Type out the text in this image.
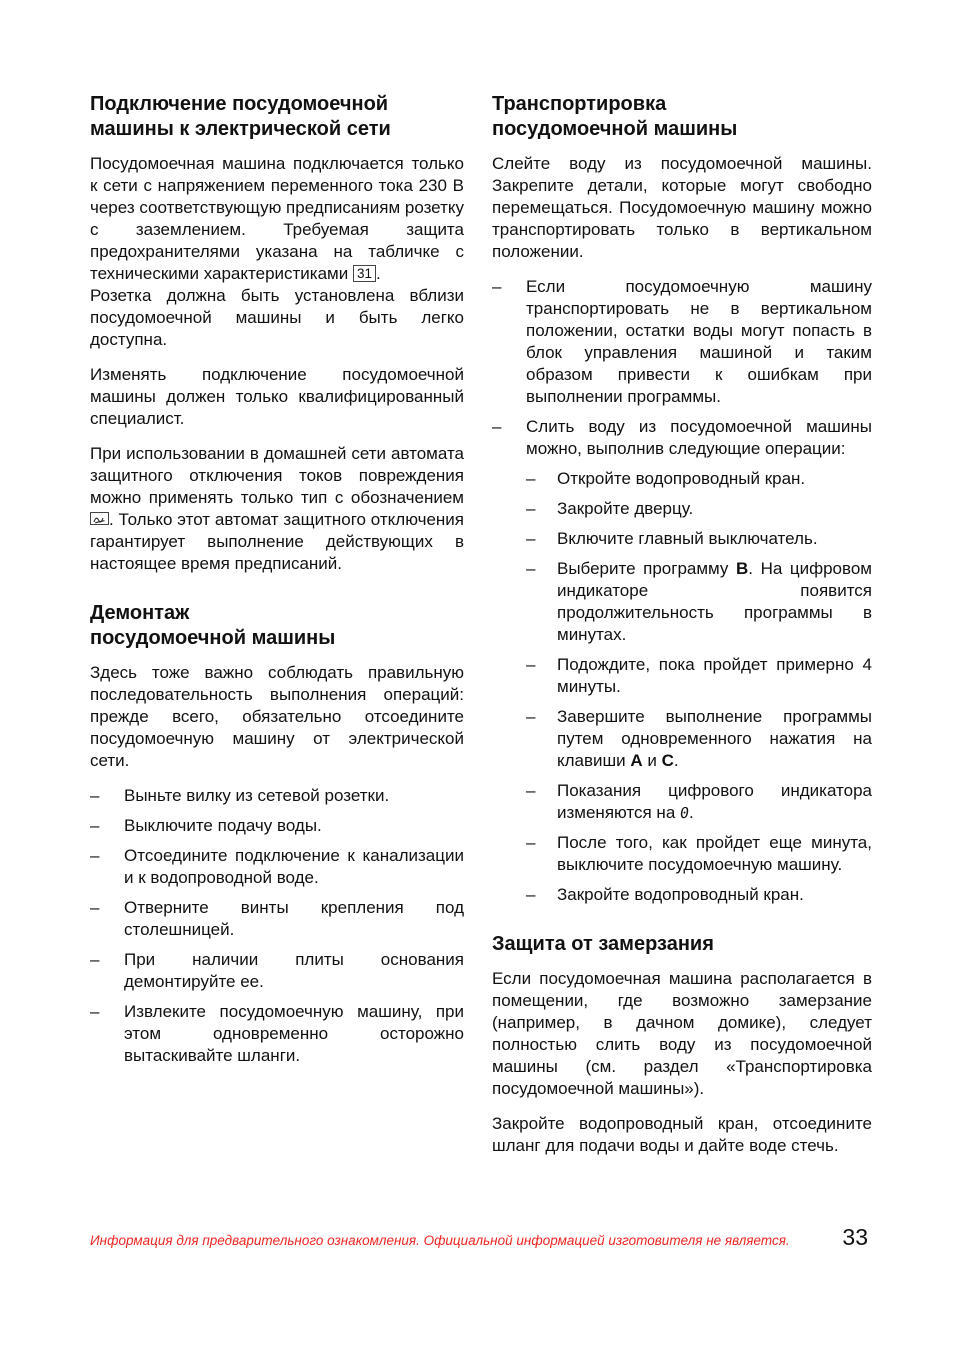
Подключение посудомоечной
машины к электрической сети

Посудомоечная машина подключается только к сети с напряжением переменного тока 230 В через соответствующую предписаниям розетку с заземлением. Требуемая защита предохранителями указана на табличке с техническими характеристиками 31 .
Розетка должна быть установлена вблизи посудомоечной машины и быть легко доступна.

Изменять подключение посудомоечной машины должен только квалифицированный специалист.

При использовании в домашней сети автомата защитного отключения токов повреждения можно применять только тип с обозначением . Только этот автомат защитного отключения гарантирует выполнение действующих в настоящее время предписаний.

Демонтаж
посудомоечной машины

Здесь тоже важно соблюдать правильную последовательность выполнения операций: прежде всего, обязательно отсоедините посудомоечную машину от электрической сети.

–	Выньте вилку из сетевой розетки.
–	Выключите подачу воды.
–	Отсоедините подключение к канализации и к водопроводной воде.
–	Отверните винты крепления под столешницей.
–	При наличии плиты основания демонтируйте ее.
–	Извлеките посудомоечную машину, при этом одновременно осторожно вытаскивайте шланги.
Транспортировка
посудомоечной машины

Слейте воду из посудомоечной машины. Закрепите детали, которые могут свободно перемещаться. Посудомоечную машину можно транспортировать только в вертикальном положении.

–	Если посудомоечную машину транспортировать не в вертикальном положении, остатки воды могут попасть в блок управления машиной и таким образом привести к ошибкам при выполнении программы.
–	Слить воду из посудомоечной машины можно, выполнив следующие операции:
–	Откройте водопроводный кран.
–	Закройте дверцу.
–	Включите главный выключатель.
–	Выберите программу B. На цифровом индикаторе появится продолжительность программы в минутах.
–	Подождите, пока пройдет примерно 4 минуты.
–	Завершите выполнение программы путем одновременного нажатия на клавиши A и C.
–	Показания цифрового индикатора изменяются на 0.
–	После того, как пройдет еще минута, выключите посудомоечную машину.
–	Закройте водопроводный кран.
Защита от замерзания

Если посудомоечная машина располагается в помещении, где возможно замерзание (например, в дачном домике), следует полностью слить воду из посудомоечной машины (см. раздел «Транспортировка посудомоечной машины»).

Закройте водопроводный кран, отсоедините шланг для подачи воды и дайте воде стечь.

Информация для предварительного ознакомления. Официальной информацией изготовителя не является. 33
